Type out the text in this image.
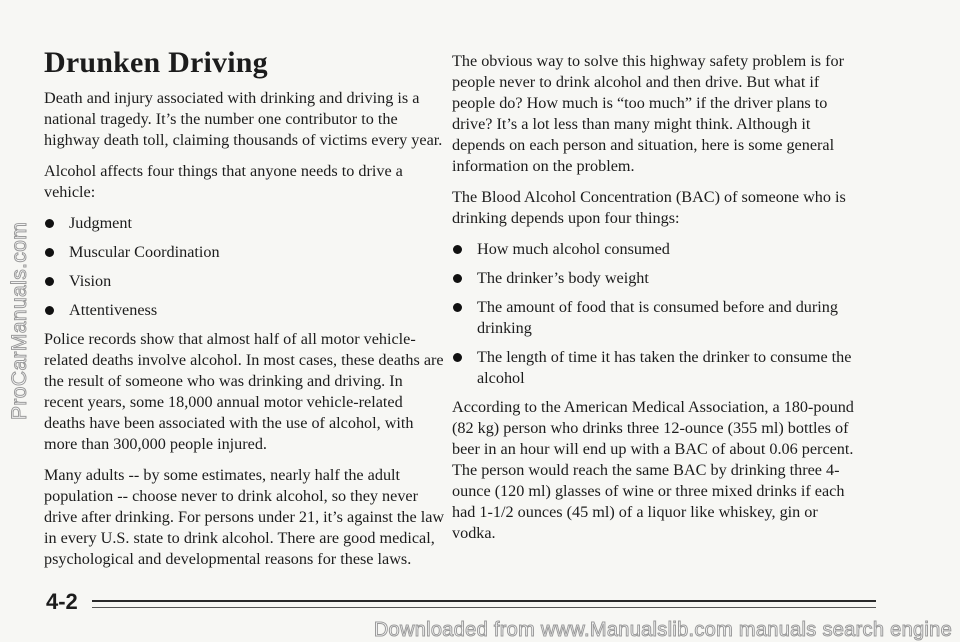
Drunken Driving

Death and injury associated with drinking and driving is a national tragedy. It’s the number one contributor to the highway death toll, claiming thousands of victims every year.

Alcohol affects four things that anyone needs to drive a vehicle:

Judgment
Muscular Coordination
Vision
Attentiveness

Police records show that almost half of all motor vehicle-related deaths involve alcohol. In most cases, these deaths are the result of someone who was drinking and driving. In recent years, some 18,000 annual motor vehicle-related deaths have been associated with the use of alcohol, with more than 300,000 people injured.

Many adults -- by some estimates, nearly half the adult population -- choose never to drink alcohol, so they never drive after drinking. For persons under 21, it’s against the law in every U.S. state to drink alcohol. There are good medical, psychological and developmental reasons for these laws.

The obvious way to solve this highway safety problem is for people never to drink alcohol and then drive. But what if people do? How much is “too much” if the driver plans to drive? It’s a lot less than many might think. Although it depends on each person and situation, here is some general information on the problem.

The Blood Alcohol Concentration (BAC) of someone who is drinking depends upon four things:

How much alcohol consumed
The drinker’s body weight
The amount of food that is consumed before and during drinking
The length of time it has taken the drinker to consume the alcohol

According to the American Medical Association, a 180-pound (82 kg) person who drinks three 12-ounce (355 ml) bottles of beer in an hour will end up with a BAC of about 0.06 percent. The person would reach the same BAC by drinking three 4-ounce (120 ml) glasses of wine or three mixed drinks if each had 1-1/2 ounces (45 ml) of a liquor like whiskey, gin or vodka.

ProCarManuals.com
4-2
Downloaded from www.Manualslib.com manuals search engine
